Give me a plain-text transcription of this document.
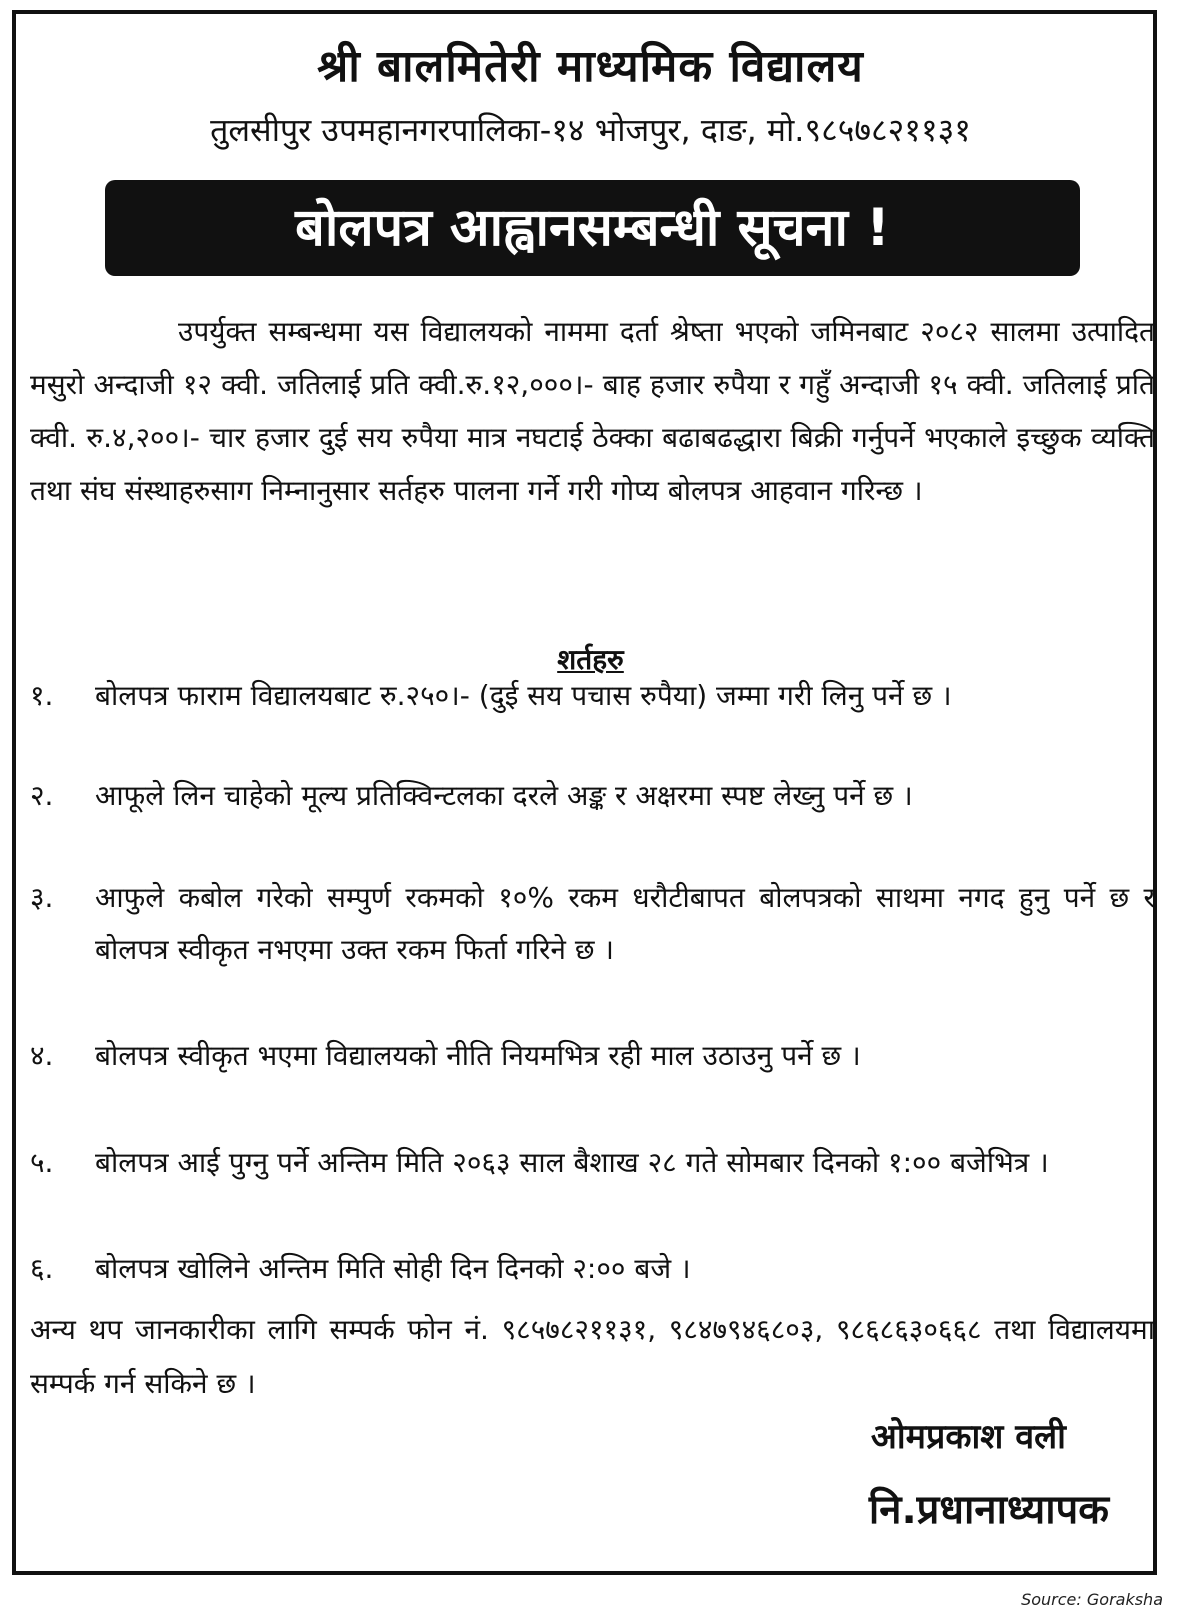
श्री बालमितेरी माध्यमिक विद्यालय
तुलसीपुर उपमहानगरपालिका-१४ भोजपुर, दाङ, मो.९८५७८२११३१
बोलपत्र आह्वानसम्बन्धी सूचना !

उपर्युक्त सम्बन्धमा यस विद्यालयको नाममा दर्ता श्रेष्ता भएको जमिनबाट २०८२ सालमा उत्पादित मसुरो अन्दाजी १२ क्वी. जतिलाई प्रति क्वी.रु.१२,०००।- बाह हजार रुपैया र गहुँ अन्दाजी १५ क्वी. जतिलाई प्रति क्वी. रु.४,२००।- चार हजार दुई सय रुपैया मात्र नघटाई ठेक्का बढाबढद्धारा बिक्री गर्नुपर्ने भएकाले इच्छुक व्यक्ति तथा संघ संस्थाहरुसाग निम्नानुसार सर्तहरु पालना गर्ने गरी गोप्य बोलपत्र आहवान गरिन्छ ।

शर्तहरु
१.	बोलपत्र फाराम विद्यालयबाट रु.२५०।- (दुई सय पचास रुपैया) जम्मा गरी लिनु पर्ने छ ।
२.	आफूले लिन चाहेको मूल्य प्रतिक्विन्टलका दरले अङ्क र अक्षरमा स्पष्ट लेख्नु पर्ने छ ।
३.	आफुले कबोल गरेको सम्पुर्ण रकमको १०% रकम धरौटीबापत बोलपत्रको साथमा नगद हुनु पर्ने छ र बोलपत्र स्वीकृत नभएमा उक्त रकम फिर्ता गरिने छ ।
४.	बोलपत्र स्वीकृत भएमा विद्यालयको नीति नियमभित्र रही माल उठाउनु पर्ने छ ।
५.	बोलपत्र आई पुग्नु पर्ने अन्तिम मिति २०६३ साल बैशाख २८ गते सोमबार दिनको १:०० बजेभित्र ।
६.	बोलपत्र खोलिने अन्तिम मिति सोही दिन दिनको २:०० बजे ।

अन्य थप जानकारीका लागि सम्पर्क फोन नं. ९८५७८२११३१, ९८४७९४६८०३, ९८६८६३०६६८ तथा विद्यालयमा सम्पर्क गर्न सकिने छ ।

ओमप्रकाश वली
नि.प्रधानाध्यापक
Source: Goraksha
